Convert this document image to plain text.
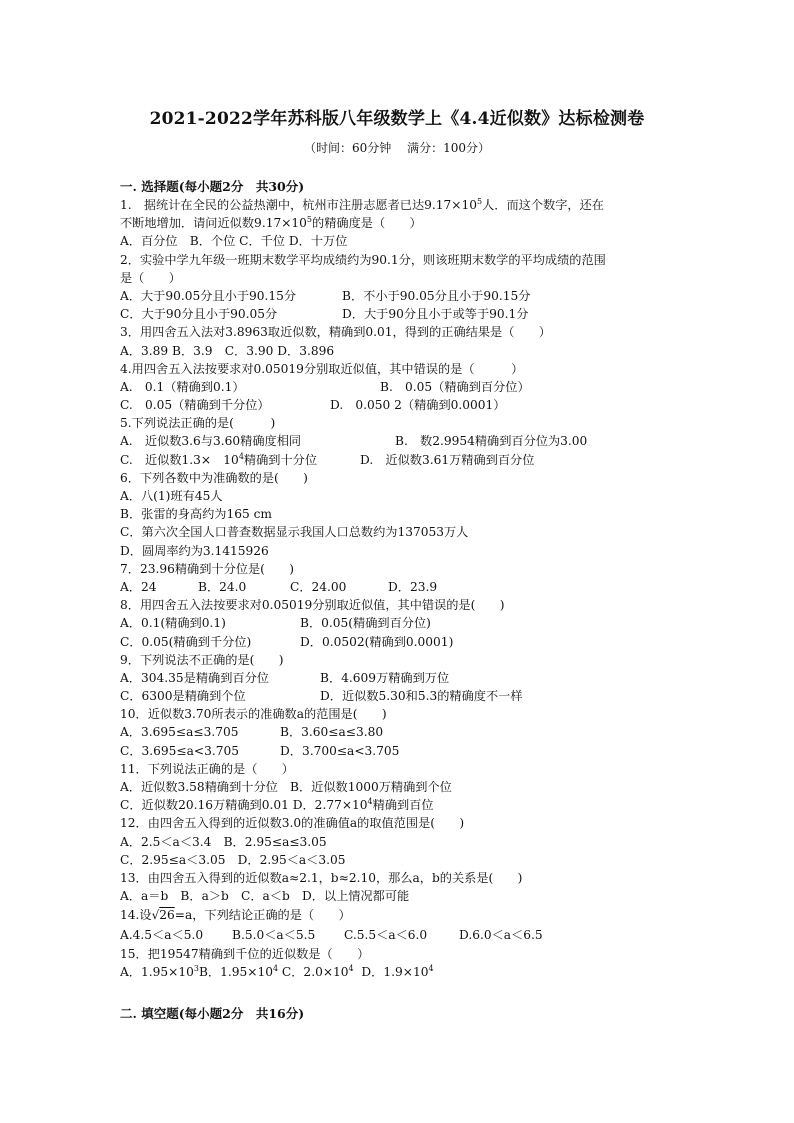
2021-2022学年苏科版八年级数学上《4.4近似数》达标检测卷
（时间：60分钟　 满分：100分）
一. 选择题(每小题2分　共30分)
1.　据统计在全民的公益热潮中，杭州市注册志愿者已达$9.17\times 10^5$人．而这个数字，还在
不断地增加．请问近似数$9.17\times 10^5$的精确度是（　　）
A．百分位　B．个位 C．千位 D．十万位
2．实验中学九年级一班期末数学平均成绩约为90.1分，则该班期末数学的平均成绩的范围
是（　　）
A．大于90.05分且小于90.15分	B．不小于90.05分且小于90.15分
C．大于90分且小于90.05分	D．大于90分且小于或等于90.1分
3．用四舍五入法对3.8963取近似数，精确到0.01，得到的正确结果是（　　）
A．3.89 B．3.9　C．3.90 D．3.896
4.用四舍五入法按要求对0.05019分别取近似值，其中错误的是（　　　）
A.　0.1（精确到0.1）	B.　0.05（精确到百分位）
C.　0.05（精确到千分位）	D.　0.050 2（精确到0.0001）
5.下列说法正确的是(　　　)
A.　近似数3.6与3.60精确度相同	B.　数2.9954精确到百分位为3.00
C.　近似数1.3×　$10^4$精确到十分位	D.　近似数3.61万精确到百分位
6．下列各数中为准确数的是(　　)
A．八(1)班有45人
B．张雷的身高约为165 cm
C．第六次全国人口普查数据显示我国人口总数约为137053万人
D．圆周率约为3.1415926
7．23.96精确到十分位是(　　)
A．24	B．24.0	C．24.00	D．23.9
8．用四舍五入法按要求对0.05019分别取近似值，其中错误的是(　　)
A．0.1(精确到0.1)	B．0.05(精确到百分位)
C．0.05(精确到千分位)	D．0.0502(精确到0.0001)
9．下列说法不正确的是(　　)
A．304.35是精确到百分位	B．4.609万精确到万位
C．6300是精确到个位	D．近似数5.30和5.3的精确度不一样
10．近似数3.70所表示的准确数a的范围是(　　)
A．3.695≤a≤3.705	B．3.60≤a≤3.80
C．3.695≤a<3.705	D．3.700≤a<3.705
11．下列说法正确的是（　　）
A．近似数3.58精确到十分位　B．近似数1000万精确到个位
C．近似数20.16万精确到0.01 D．$2.77\times 10^4$精确到百位
12．由四舍五入得到的近似数3.0的准确值a的取值范围是(　　)
A．2.5＜a＜3.4　B．2.95≤a≤3.05
C．2.95≤a＜3.05　D．2.95＜a＜3.05
13．由四舍五入得到的近似数a≈2.1，b≈2.10，那么a，b的关系是(　　)
A．a＝b　B．a＞b　C．a＜b　D．以上情况都可能
14.设√26=a，下列结论正确的是（　　）
A.4.5＜a＜5.0 B.5.0＜a＜5.5 C.5.5＜a＜6.0	D.6.0＜a＜6.5
15．把19547精确到千位的近似数是（　　）
A．$1.95\times 10^3B$．$1.95\times 10^4$ C．$2.0\times 10^4$ D．$1.9\times 10^4$
二. 填空题(每小题2分　共16分)
